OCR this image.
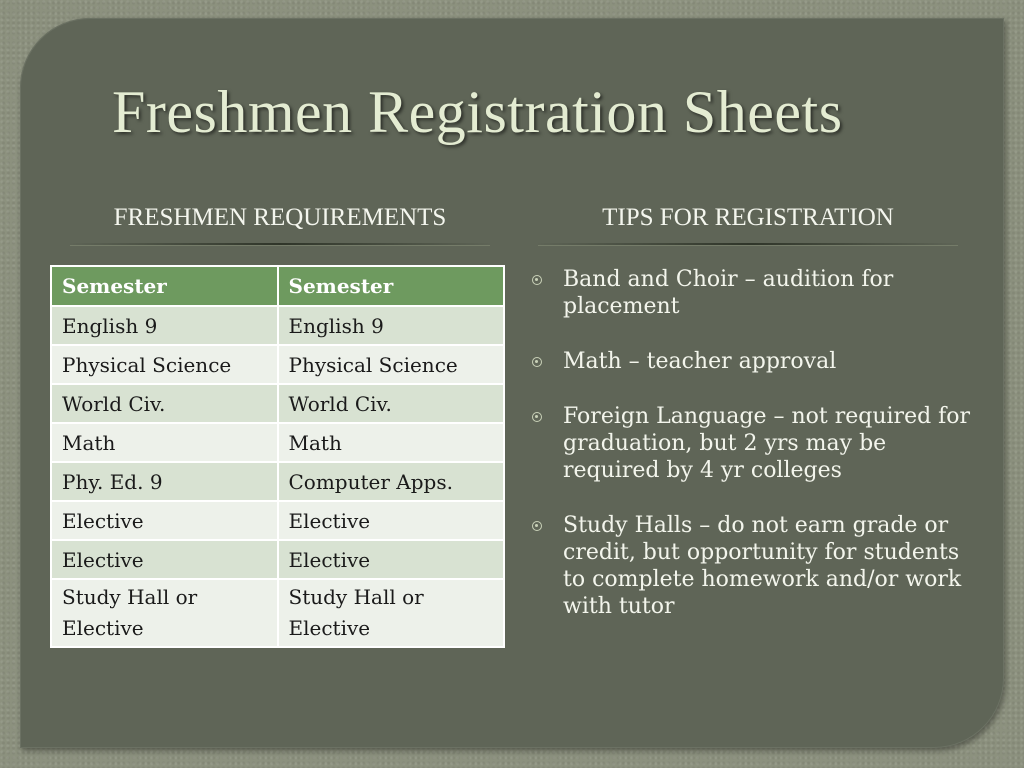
Freshmen Registration Sheets
FRESHMEN REQUIREMENTS	TIPS FOR REGISTRATION
Semester	Semester
English 9	English 9
Physical Science	Physical Science
World Civ.	World Civ.
Math	Math
Phy. Ed. 9	Computer Apps.
Elective	Elective
Elective	Elective
Study Hall or Elective	Study Hall or Elective
Band and Choir – audition for placement
Math – teacher approval
Foreign Language – not required for graduation, but 2 yrs may be required by 4 yr colleges
Study Halls – do not earn grade or credit, but opportunity for students to complete homework and/or work with tutor
